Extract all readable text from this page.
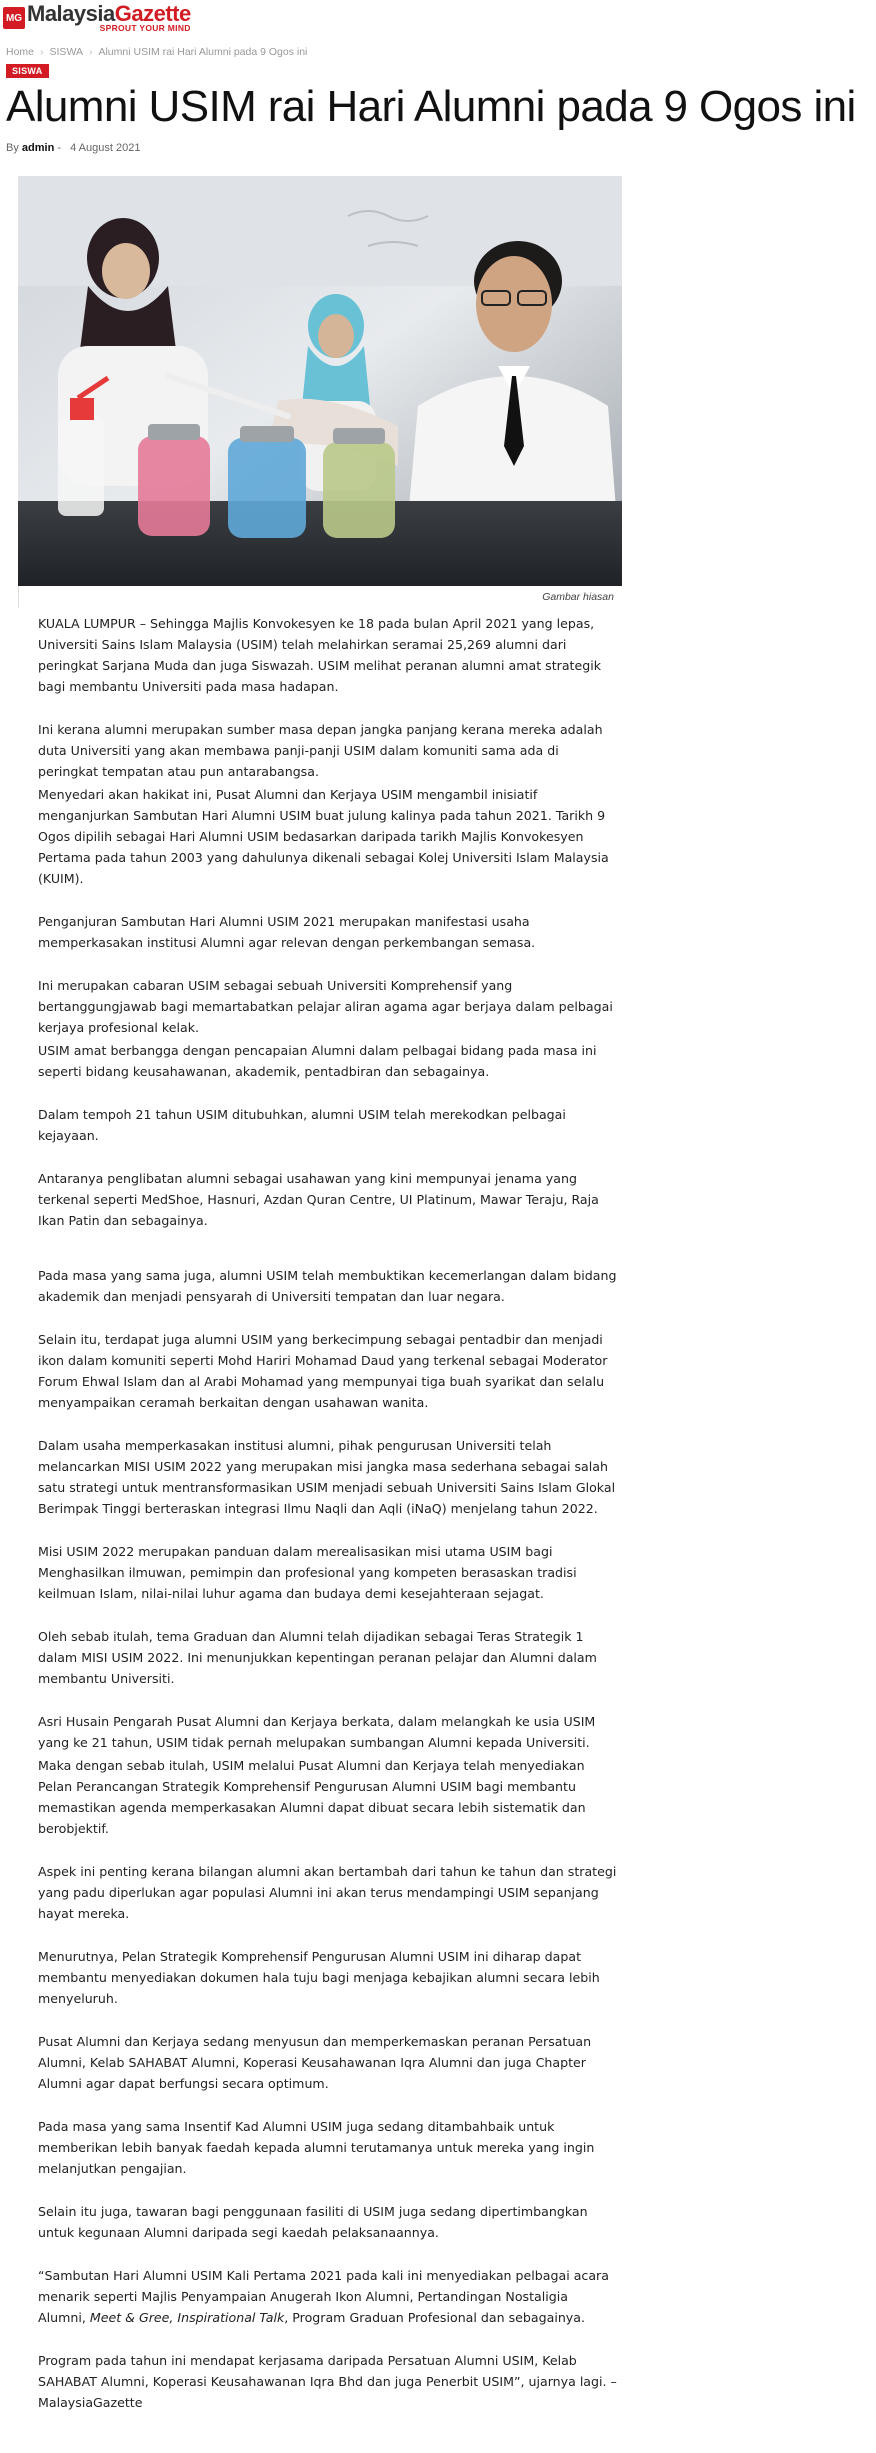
MG MalaysiaGazette
SPROUT YOUR MIND
Home › SISWA › Alumni USIM rai Hari Alumni pada 9 Ogos ini
SISWA
Alumni USIM rai Hari Alumni pada 9 Ogos ini
By admin - 4 August 2021
Gambar hiasan

KUALA LUMPUR – Sehingga Majlis Konvokesyen ke 18 pada bulan April 2021 yang lepas, Universiti Sains Islam Malaysia (USIM) telah melahirkan seramai 25,269 alumni dari peringkat Sarjana Muda dan juga Siswazah. USIM melihat peranan alumni amat strategik bagi membantu Universiti pada masa hadapan.

Ini kerana alumni merupakan sumber masa depan jangka panjang kerana mereka adalah duta Universiti yang akan membawa panji-panji USIM dalam komuniti sama ada di peringkat tempatan atau pun antarabangsa.

Menyedari akan hakikat ini, Pusat Alumni dan Kerjaya USIM mengambil inisiatif menganjurkan Sambutan Hari Alumni USIM buat julung kalinya pada tahun 2021. Tarikh 9 Ogos dipilih sebagai Hari Alumni USIM bedasarkan daripada tarikh Majlis Konvokesyen Pertama pada tahun 2003 yang dahulunya dikenali sebagai Kolej Universiti Islam Malaysia (KUIM).

Penganjuran Sambutan Hari Alumni USIM 2021 merupakan manifestasi usaha memperkasakan institusi Alumni agar relevan dengan perkembangan semasa.

Ini merupakan cabaran USIM sebagai sebuah Universiti Komprehensif yang bertanggungjawab bagi memartabatkan pelajar aliran agama agar berjaya dalam pelbagai kerjaya profesional kelak.

USIM amat berbangga dengan pencapaian Alumni dalam pelbagai bidang pada masa ini seperti bidang keusahawanan, akademik, pentadbiran dan sebagainya.

Dalam tempoh 21 tahun USIM ditubuhkan, alumni USIM telah merekodkan pelbagai kejayaan.

Antaranya penglibatan alumni sebagai usahawan yang kini mempunyai jenama yang terkenal seperti MedShoe, Hasnuri, Azdan Quran Centre, UI Platinum, Mawar Teraju, Raja Ikan Patin dan sebagainya.

Pada masa yang sama juga, alumni USIM telah membuktikan kecemerlangan dalam bidang akademik dan menjadi pensyarah di Universiti tempatan dan luar negara.

Selain itu, terdapat juga alumni USIM yang berkecimpung sebagai pentadbir dan menjadi ikon dalam komuniti seperti Mohd Hariri Mohamad Daud yang terkenal sebagai Moderator Forum Ehwal Islam dan al Arabi Mohamad yang mempunyai tiga buah syarikat dan selalu menyampaikan ceramah berkaitan dengan usahawan wanita.

Dalam usaha memperkasakan institusi alumni, pihak pengurusan Universiti telah melancarkan MISI USIM 2022 yang merupakan misi jangka masa sederhana sebagai salah satu strategi untuk mentransformasikan USIM menjadi sebuah Universiti Sains Islam Glokal Berimpak Tinggi berteraskan integrasi Ilmu Naqli dan Aqli (iNaQ) menjelang tahun 2022.

Misi USIM 2022 merupakan panduan dalam merealisasikan misi utama USIM bagi Menghasilkan ilmuwan, pemimpin dan profesional yang kompeten berasaskan tradisi keilmuan Islam, nilai-nilai luhur agama dan budaya demi kesejahteraan sejagat.

Oleh sebab itulah, tema Graduan dan Alumni telah dijadikan sebagai Teras Strategik 1 dalam MISI USIM 2022. Ini menunjukkan kepentingan peranan pelajar dan Alumni dalam membantu Universiti.

Asri Husain Pengarah Pusat Alumni dan Kerjaya berkata, dalam melangkah ke usia USIM yang ke 21 tahun, USIM tidak pernah melupakan sumbangan Alumni kepada Universiti.

Maka dengan sebab itulah, USIM melalui Pusat Alumni dan Kerjaya telah menyediakan Pelan Perancangan Strategik Komprehensif Pengurusan Alumni USIM bagi membantu memastikan agenda memperkasakan Alumni dapat dibuat secara lebih sistematik dan berobjektif.

Aspek ini penting kerana bilangan alumni akan bertambah dari tahun ke tahun dan strategi yang padu diperlukan agar populasi Alumni ini akan terus mendampingi USIM sepanjang hayat mereka.

Menurutnya, Pelan Strategik Komprehensif Pengurusan Alumni USIM ini diharap dapat membantu menyediakan dokumen hala tuju bagi menjaga kebajikan alumni secara lebih menyeluruh.

Pusat Alumni dan Kerjaya sedang menyusun dan memperkemaskan peranan Persatuan Alumni, Kelab SAHABAT Alumni, Koperasi Keusahawanan Iqra Alumni dan juga Chapter Alumni agar dapat berfungsi secara optimum.

Pada masa yang sama Insentif Kad Alumni USIM juga sedang ditambahbaik untuk memberikan lebih banyak faedah kepada alumni terutamanya untuk mereka yang ingin melanjutkan pengajian.

Selain itu juga, tawaran bagi penggunaan fasiliti di USIM juga sedang dipertimbangkan untuk kegunaan Alumni daripada segi kaedah pelaksanaannya.

“Sambutan Hari Alumni USIM Kali Pertama 2021 pada kali ini menyediakan pelbagai acara menarik seperti Majlis Penyampaian Anugerah Ikon Alumni, Pertandingan Nostaligia Alumni, Meet & Gree, Inspirational Talk, Program Graduan Profesional dan sebagainya.

Program pada tahun ini mendapat kerjasama daripada Persatuan Alumni USIM, Kelab SAHABAT Alumni, Koperasi Keusahawanan Iqra Bhd dan juga Penerbit USIM”, ujarnya lagi. – MalaysiaGazette
